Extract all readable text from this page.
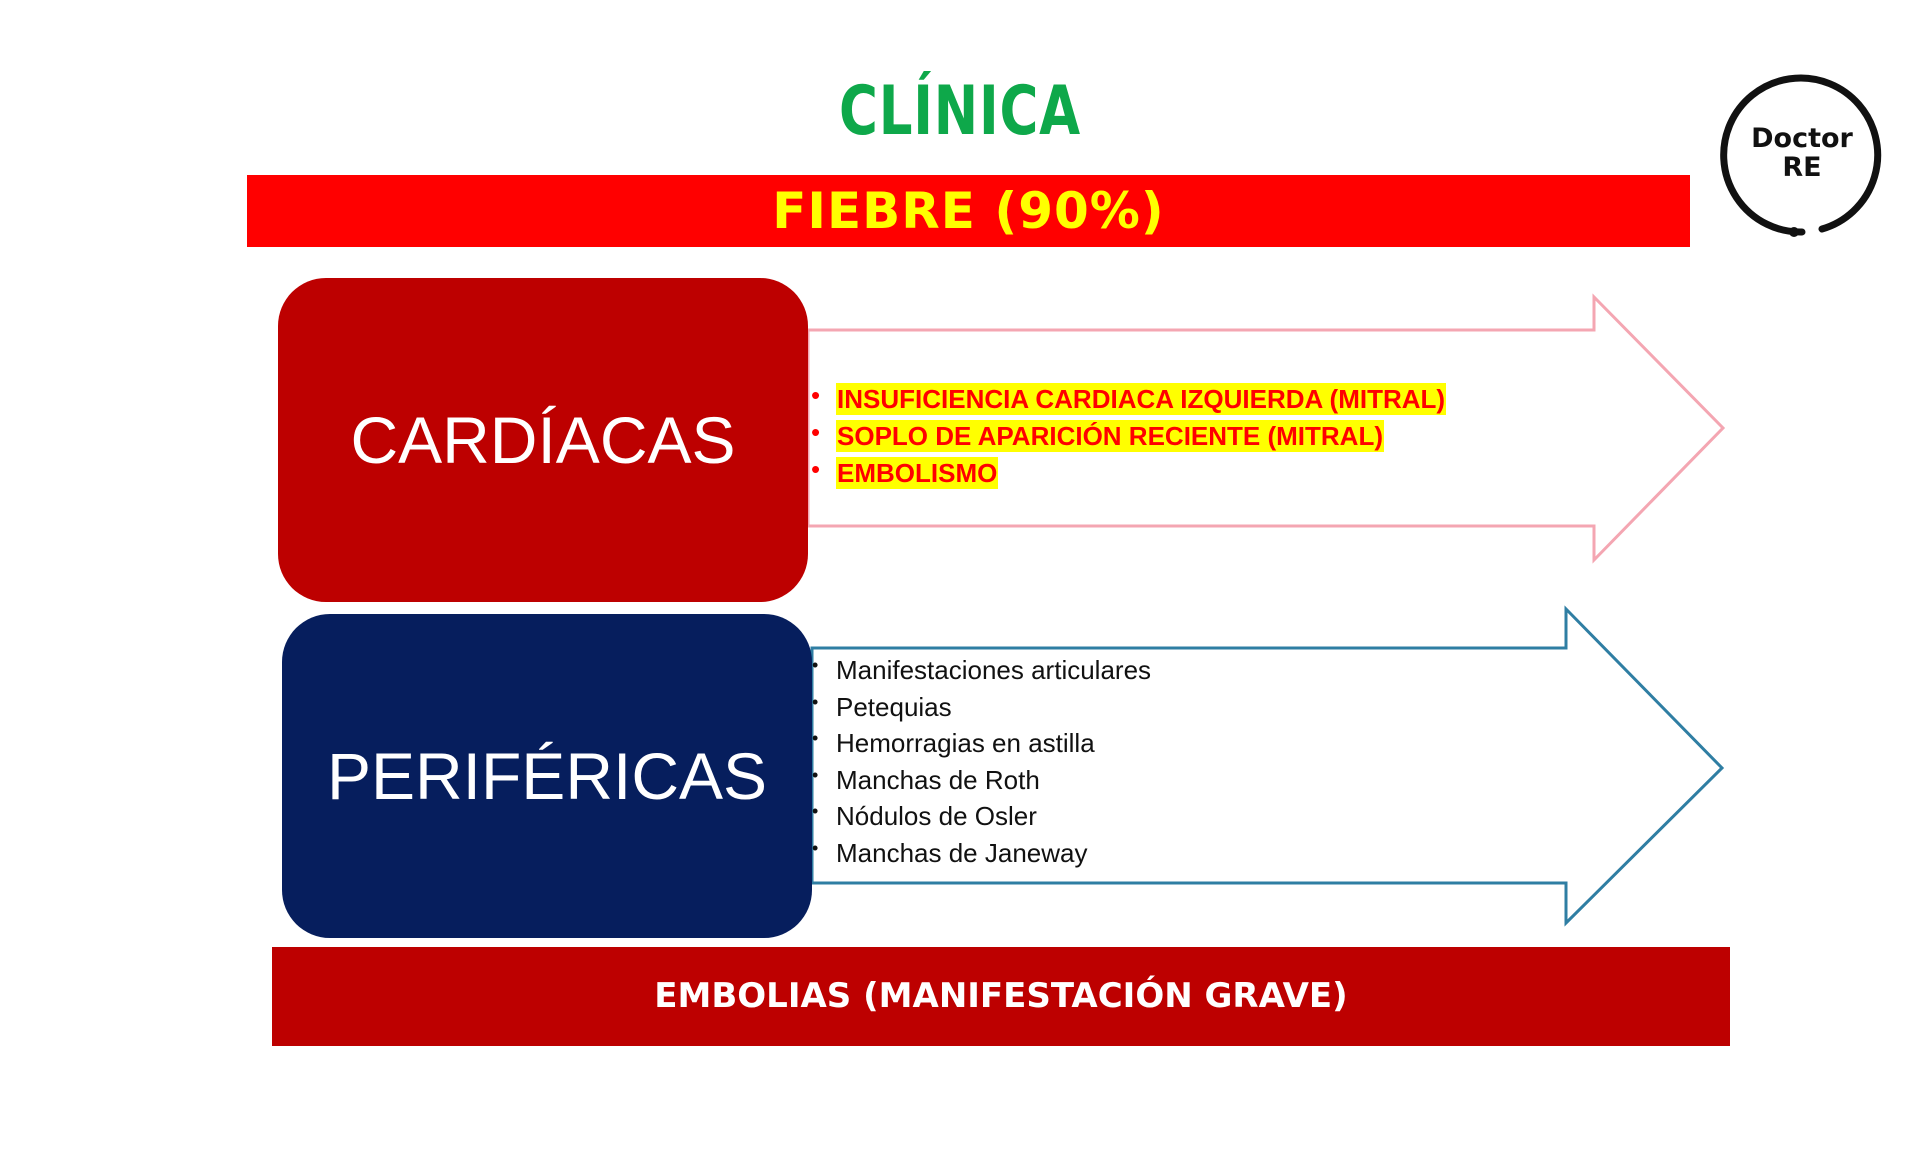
CLÍNICA	Doctor
RE
FIEBRE (90%)
CARDÍACAS
PERIFÉRICAS
• INSUFICIENCIA CARDIACA IZQUIERDA (MITRAL)
• SOPLO DE APARICIÓN RECIENTE (MITRAL)
• EMBOLISMO
• Manifestaciones articulares
• Petequias
• Hemorragias en astilla
• Manchas de Roth
• Nódulos de Osler
• Manchas de Janeway
EMBOLIAS (MANIFESTACIÓN GRAVE)
